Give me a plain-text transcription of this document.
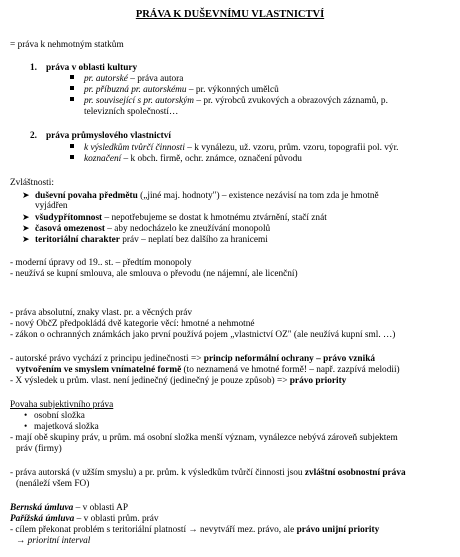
PRÁVA K DUŠEVNÍMU VLASTNICTVÍ
= práva k nehmotným statkům
1. práva v oblasti kultury
pr. autorské – práva autora
pr. příbuzná pr. autorskému – pr. výkonných umělců
pr. související s pr. autorským – pr. výrobců zvukových a obrazových záznamů, p.
televizních společností…
2. práva průmyslového vlastnictví
k výsledkům tvůrčí činnosti – k vynálezu, už. vzoru, prům. vzoru, topografii pol. výr.
koznačení – k obch. firmě, ochr. známce, označení původu
Zvláštnosti:
➤ duševní povaha předmětu („jiné maj. hodnoty") – existence nezávisí na tom zda je hmotně
vyjádřen
➤ všudypřítomnost – nepotřebujeme se dostat k hmotnému ztvárnění, stačí znát
➤ časová omezenost – aby nedocházelo ke zneužívání monopolů
➤ teritoriální charakter práv – neplatí bez dalšího za hranicemi
- moderní úpravy od 19.. st. – předtím monopoly
- neužívá se kupní smlouva, ale smlouva o převodu (ne nájemní, ale licenční)
- práva absolutní, znaky vlast. pr. a věcných práv
- nový ObčZ předpokládá dvě kategorie věcí: hmotné a nehmotné
- zákon o ochranných známkách jako první používá pojem „vlastnictví OZ" (ale neužívá kupní sml. …)
- autorské právo vychází z principu jedinečnosti => princip neformální ochrany – právo vzniká
vytvořením ve smyslem vnímatelné formě (to neznamená ve hmotné formě! – např. zazpívá melodii)
- X výsledek u prům. vlast. není jedinečný (jedinečný je pouze způsob) => právo priority
Povaha subjektivního práva
• osobní složka
• majetková složka
- mají obě skupiny práv, u prům. má osobní složka menší význam, vynálezce nebývá zároveň subjektem
práv (firmy)
- práva autorská (v užším smyslu) a pr. prům. k výsledkům tvůrčí činnosti jsou zvláštní osobnostní práva
(nenáleží všem FO)
Bernská úmluva – v oblasti AP
Pařížská úmluva – v oblasti prům. práv
- cílem překonat problém s teritoriální platností → nevytváří mez. právo, ale právo unijní priority
→ prioritní interval
